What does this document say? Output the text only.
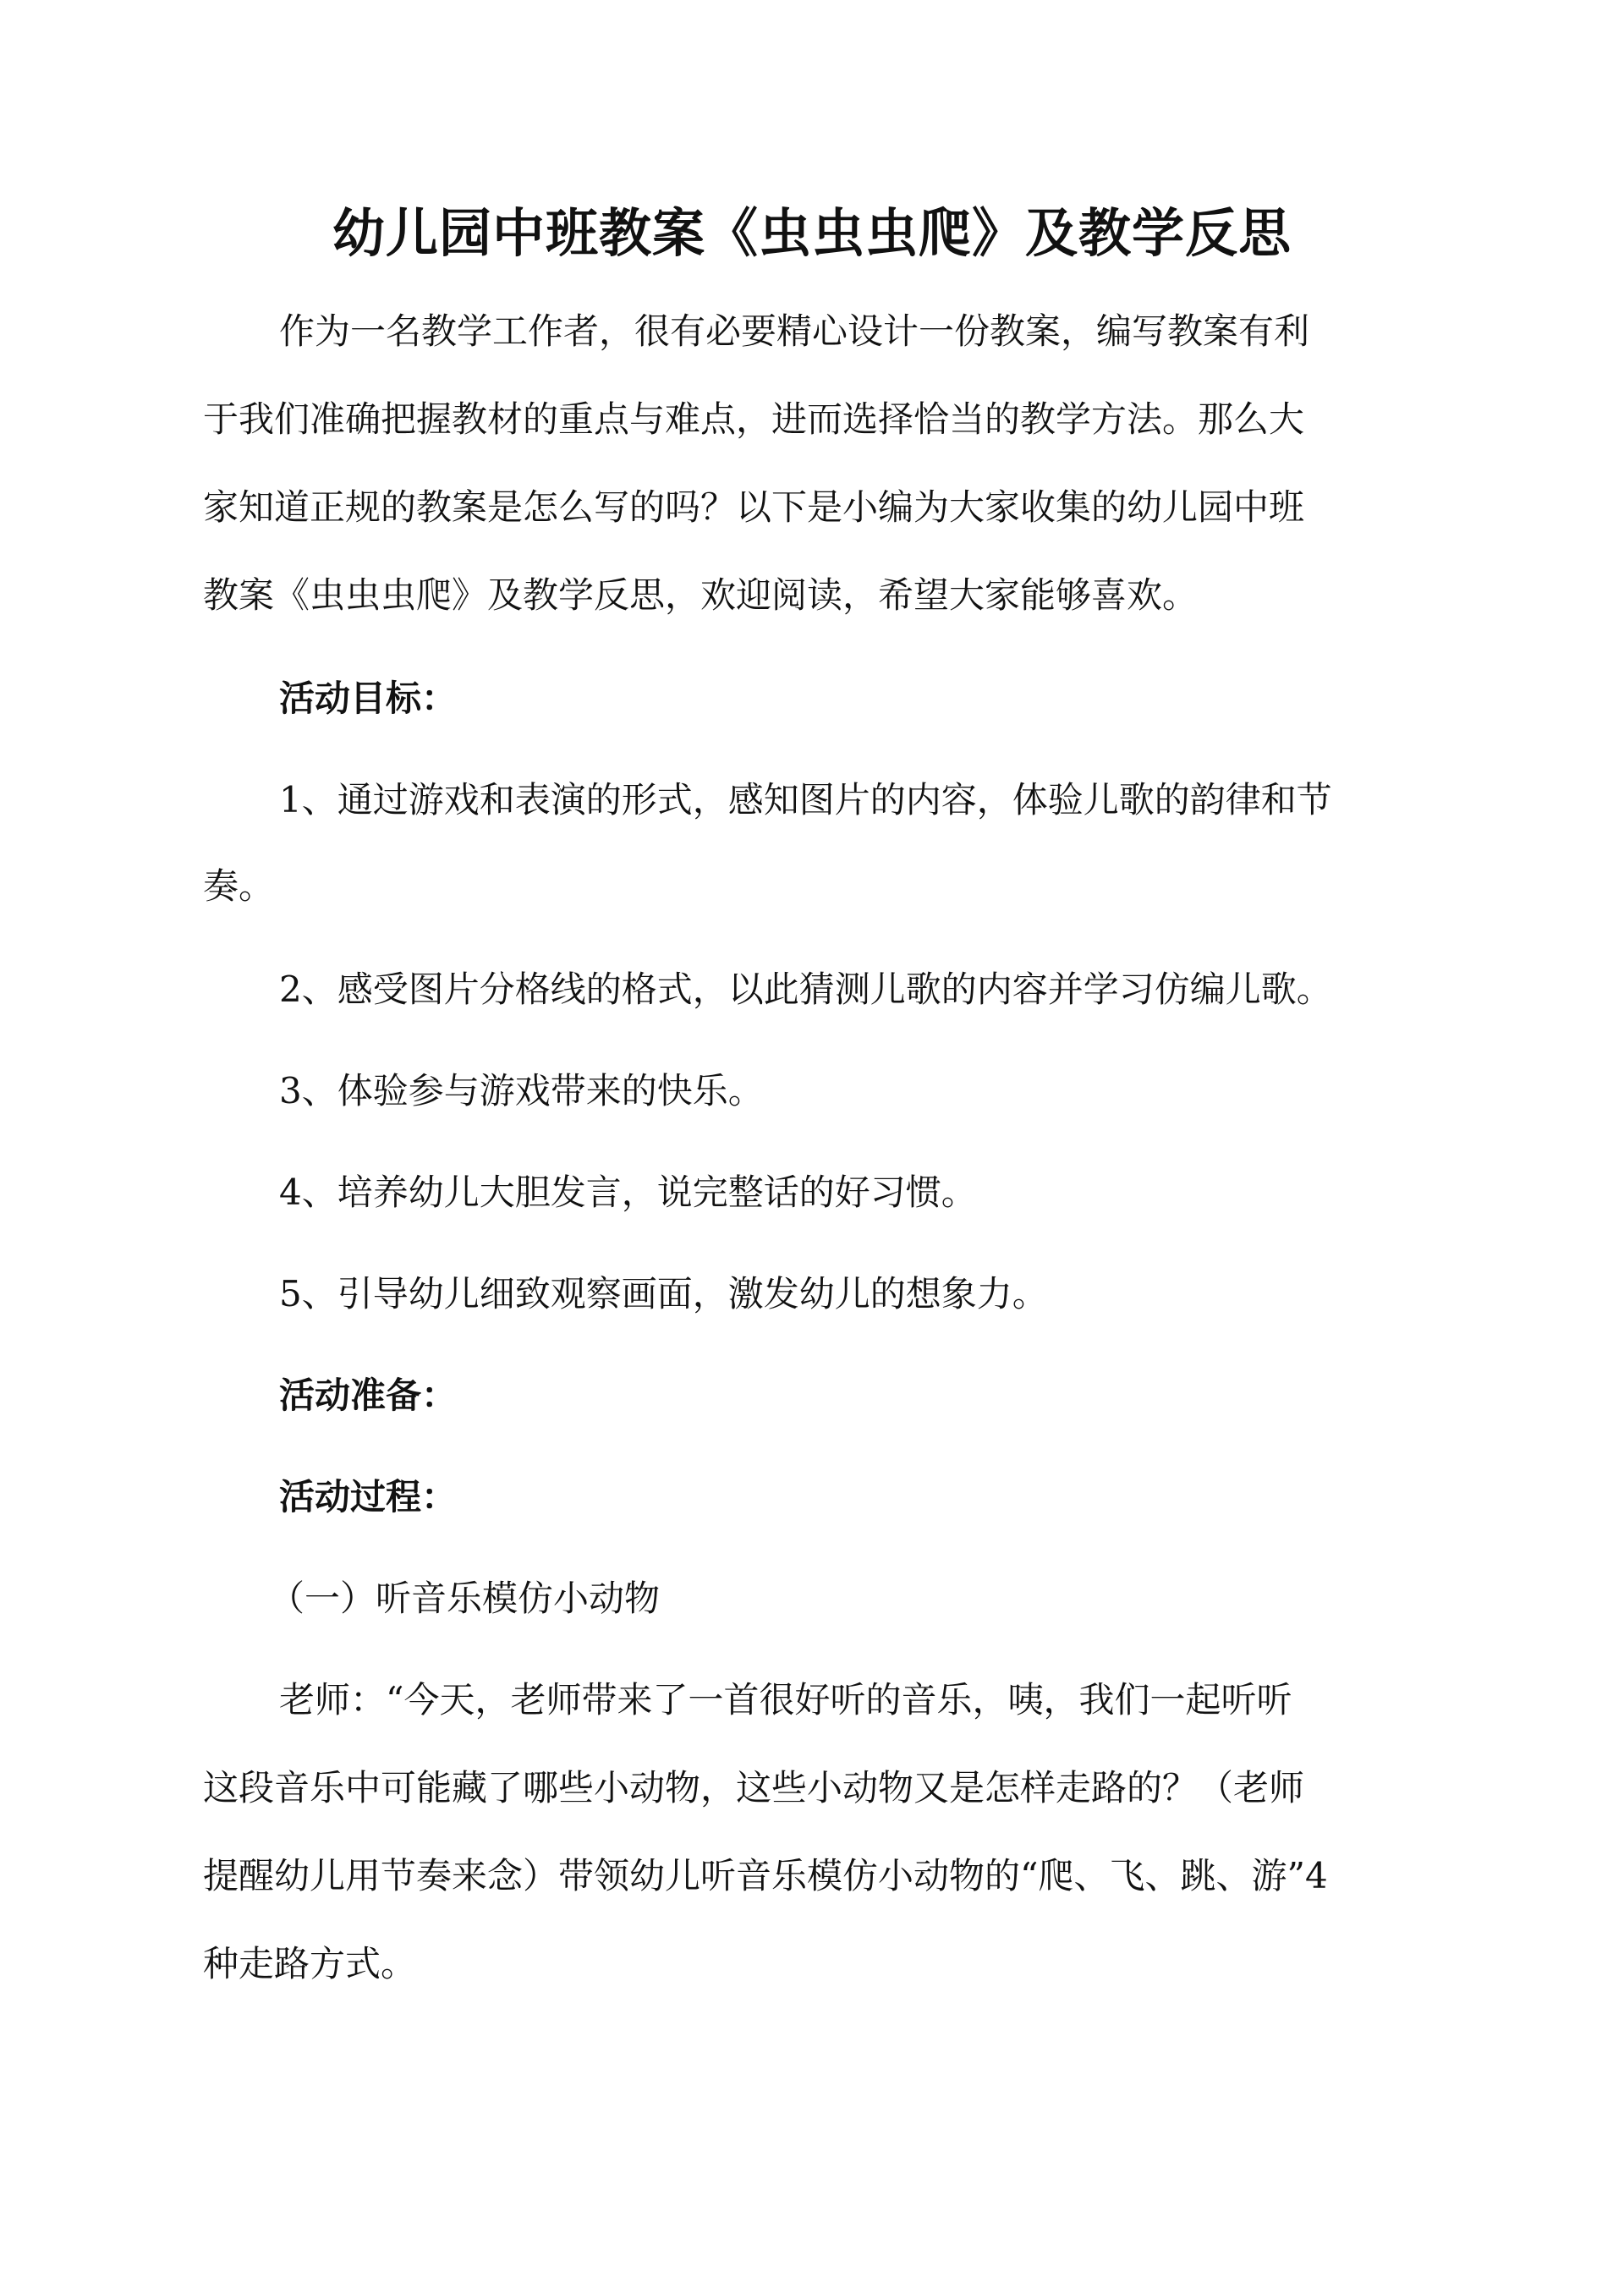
幼儿园中班教案《虫虫虫爬》及教学反思
作为一名教学工作者，很有必要精心设计一份教案，编写教案有利
于我们准确把握教材的重点与难点，进而选择恰当的教学方法。那么大
家知道正规的教案是怎么写的吗？以下是小编为大家收集的幼儿园中班
教案《虫虫虫爬》及教学反思，欢迎阅读，希望大家能够喜欢。
活动目标：
1、通过游戏和表演的形式，感知图片的内容，体验儿歌的韵律和节
奏。
2、感受图片分格线的格式，以此猜测儿歌的内容并学习仿编儿歌。
3、体验参与游戏带来的快乐。
4、培养幼儿大胆发言，说完整话的好习惯。
5、引导幼儿细致观察画面，激发幼儿的想象力。
活动准备：
活动过程：
（一）听音乐模仿小动物
老师：“今天，老师带来了一首很好听的音乐，咦，我们一起听听
这段音乐中可能藏了哪些小动物，这些小动物又是怎样走路的？（老师
提醒幼儿用节奏来念）带领幼儿听音乐模仿小动物的“爬、飞、跳、游”4
种走路方式。
